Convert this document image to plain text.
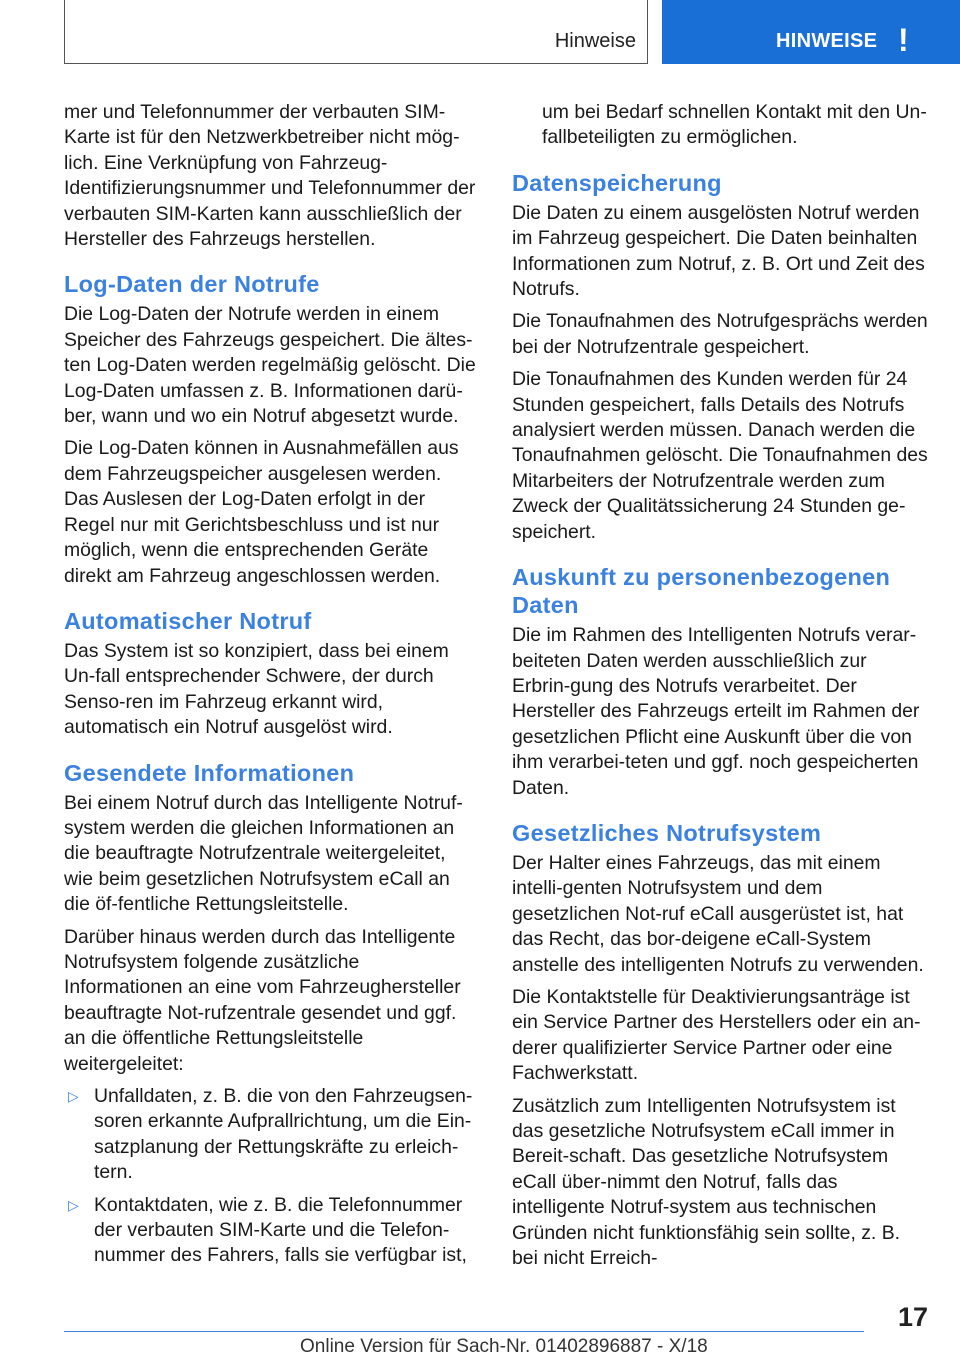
Hinweise	HINWEISE !

mer und Telefonnummer der verbauten SIM-Karte ist für den Netzwerkbetreiber nicht mög-lich. Eine Verknüpfung von Fahrzeug-Identifizierungsnummer und Telefonnummer der verbauten SIM-Karten kann ausschließlich der Hersteller des Fahrzeugs herstellen.

Log-Daten der Notrufe

Die Log-Daten der Notrufe werden in einem Speicher des Fahrzeugs gespeichert. Die ältes-ten Log-Daten werden regelmäßig gelöscht. Die Log-Daten umfassen z. B. Informationen darü-ber, wann und wo ein Notruf abgesetzt wurde.

Die Log-Daten können in Ausnahmefällen aus dem Fahrzeugspeicher ausgelesen werden. Das Auslesen der Log-Daten erfolgt in der Regel nur mit Gerichtsbeschluss und ist nur möglich, wenn die entsprechenden Geräte direkt am Fahrzeug angeschlossen werden.

Automatischer Notruf

Das System ist so konzipiert, dass bei einem Un-fall entsprechender Schwere, der durch Senso-ren im Fahrzeug erkannt wird, automatisch ein Notruf ausgelöst wird.

Gesendete Informationen

Bei einem Notruf durch das Intelligente Notruf-system werden die gleichen Informationen an die beauftragte Notrufzentrale weitergeleitet, wie beim gesetzlichen Notrufsystem eCall an die öf-fentliche Rettungsleitstelle.

Darüber hinaus werden durch das Intelligente Notrufsystem folgende zusätzliche Informationen an eine vom Fahrzeughersteller beauftragte Not-rufzentrale gesendet und ggf. an die öffentliche Rettungsleitstelle weitergeleitet:

▷ Unfalldaten, z. B. die von den Fahrzeugsen-soren erkannte Aufprallrichtung, um die Ein-satzplanung der Rettungskräfte zu erleich-tern.
▷ Kontaktdaten, wie z. B. die Telefonnummer der verbauten SIM-Karte und die Telefon-nummer des Fahrers, falls sie verfügbar ist,

um bei Bedarf schnellen Kontakt mit den Un-fallbeteiligten zu ermöglichen.

Datenspeicherung

Die Daten zu einem ausgelösten Notruf werden im Fahrzeug gespeichert. Die Daten beinhalten Informationen zum Notruf, z. B. Ort und Zeit des Notrufs.

Die Tonaufnahmen des Notrufgesprächs werden bei der Notrufzentrale gespeichert.

Die Tonaufnahmen des Kunden werden für 24 Stunden gespeichert, falls Details des Notrufs analysiert werden müssen. Danach werden die Tonaufnahmen gelöscht. Die Tonaufnahmen des Mitarbeiters der Notrufzentrale werden zum Zweck der Qualitätssicherung 24 Stunden ge-speichert.

Auskunft zu personenbezogenen Daten

Die im Rahmen des Intelligenten Notrufs verar-beiteten Daten werden ausschließlich zur Erbrin-gung des Notrufs verarbeitet. Der Hersteller des Fahrzeugs erteilt im Rahmen der gesetzlichen Pflicht eine Auskunft über die von ihm verarbei-teten und ggf. noch gespeicherten Daten.

Gesetzliches Notrufsystem

Der Halter eines Fahrzeugs, das mit einem intelli-genten Notrufsystem und dem gesetzlichen Not-ruf eCall ausgerüstet ist, hat das Recht, das bor-deigene eCall-System anstelle des intelligenten Notrufs zu verwenden.

Die Kontaktstelle für Deaktivierungsanträge ist ein Service Partner des Herstellers oder ein an-derer qualifizierter Service Partner oder eine Fachwerkstatt.

Zusätzlich zum Intelligenten Notrufsystem ist das gesetzliche Notrufsystem eCall immer in Bereit-schaft. Das gesetzliche Notrufsystem eCall über-nimmt den Notruf, falls das intelligente Notruf-system aus technischen Gründen nicht funktionsfähig sein sollte, z. B. bei nicht Erreich-

17
Online Version für Sach-Nr. 01402896887 - X/18
